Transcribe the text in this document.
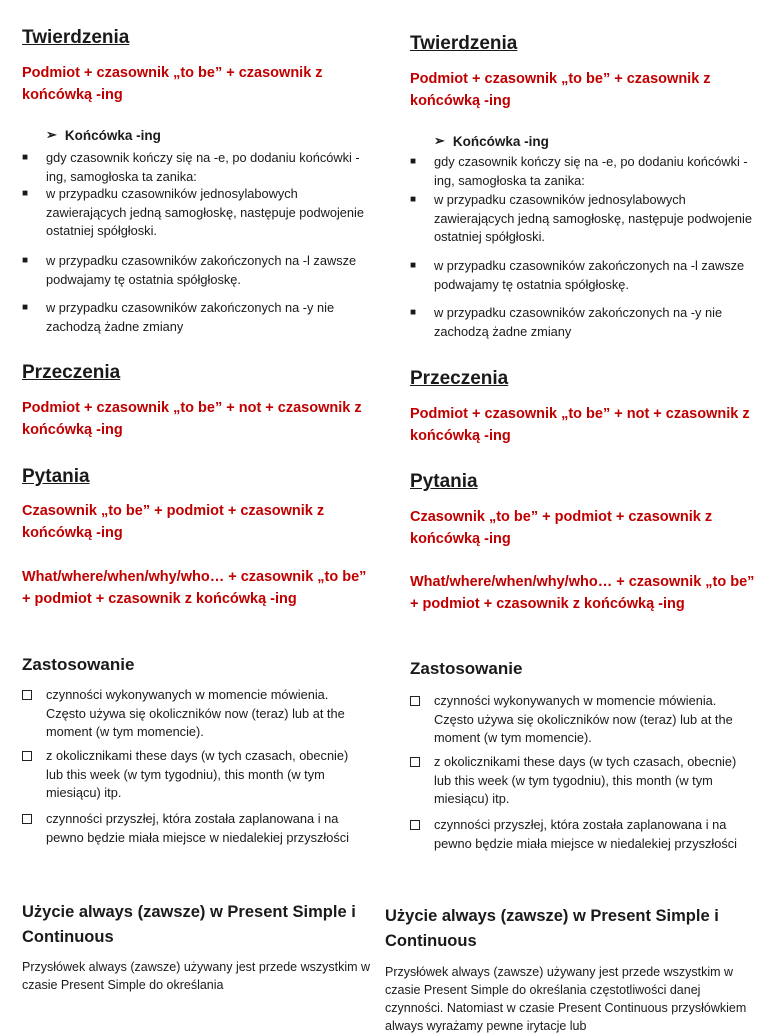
Twierdzenia
Podmiot + czasownik „to be” + czasownik z końcówką -ing
➢ Końcówka -ing
■	gdy czasownik kończy się na -e, po dodaniu końcówki -ing, samogłoska ta zanika:
■	w przypadku czasowników jednosylabowych zawierających jedną samogłoskę, następuje podwojenie ostatniej spółgłoski.
■	w przypadku czasowników zakończonych na -l zawsze podwajamy tę ostatnia spółgłoskę.
■	w przypadku czasowników zakończonych na -y nie zachodzą żadne zmiany
Przeczenia
Podmiot + czasownik „to be” + not + czasownik z końcówką -ing
Pytania
Czasownik „to be” + podmiot + czasownik z końcówką -ing
What/where/when/why/who… + czasownik „to be” + podmiot + czasownik z końcówką -ing
Zastosowanie
czynności wykonywanych w momencie mówienia. Często używa się okoliczników now (teraz) lub at the moment (w tym momencie).
z okolicznikami these days (w tych czasach, obecnie) lub this week (w tym tygodniu), this month (w tym miesiącu) itp.
czynności przyszłej, która została zaplanowana i na pewno będzie miała miejsce w niedalekiej przyszłości
Użycie always (zawsze) w Present Simple i Continuous
Przysłówek always (zawsze) używany jest przede wszystkim w czasie Present Simple do określania
Twierdzenia
Podmiot + czasownik „to be” + czasownik z końcówką -ing
➢ Końcówka -ing
■	gdy czasownik kończy się na -e, po dodaniu końcówki -ing, samogłoska ta zanika:
■	w przypadku czasowników jednosylabowych zawierających jedną samogłoskę, następuje podwojenie ostatniej spółgłoski.
■	w przypadku czasowników zakończonych na -l zawsze podwajamy tę ostatnia spółgłoskę.
■	w przypadku czasowników zakończonych na -y nie zachodzą żadne zmiany
Przeczenia
Podmiot + czasownik „to be” + not + czasownik z końcówką -ing
Pytania
Czasownik „to be” + podmiot + czasownik z końcówką -ing
What/where/when/why/who… + czasownik „to be” + podmiot + czasownik z końcówką -ing
Zastosowanie
czynności wykonywanych w momencie mówienia. Często używa się okoliczników now (teraz) lub at the moment (w tym momencie).
z okolicznikami these days (w tych czasach, obecnie) lub this week (w tym tygodniu), this month (w tym miesiącu) itp.
czynności przyszłej, która została zaplanowana i na pewno będzie miała miejsce w niedalekiej przyszłości
Użycie always (zawsze) w Present Simple i Continuous
Przysłówek always (zawsze) używany jest przede wszystkim w czasie Present Simple do określania częstotliwości danej czynności. Natomiast w czasie Present Continuous przysłówkiem always wyrażamy pewne irytacje lub
